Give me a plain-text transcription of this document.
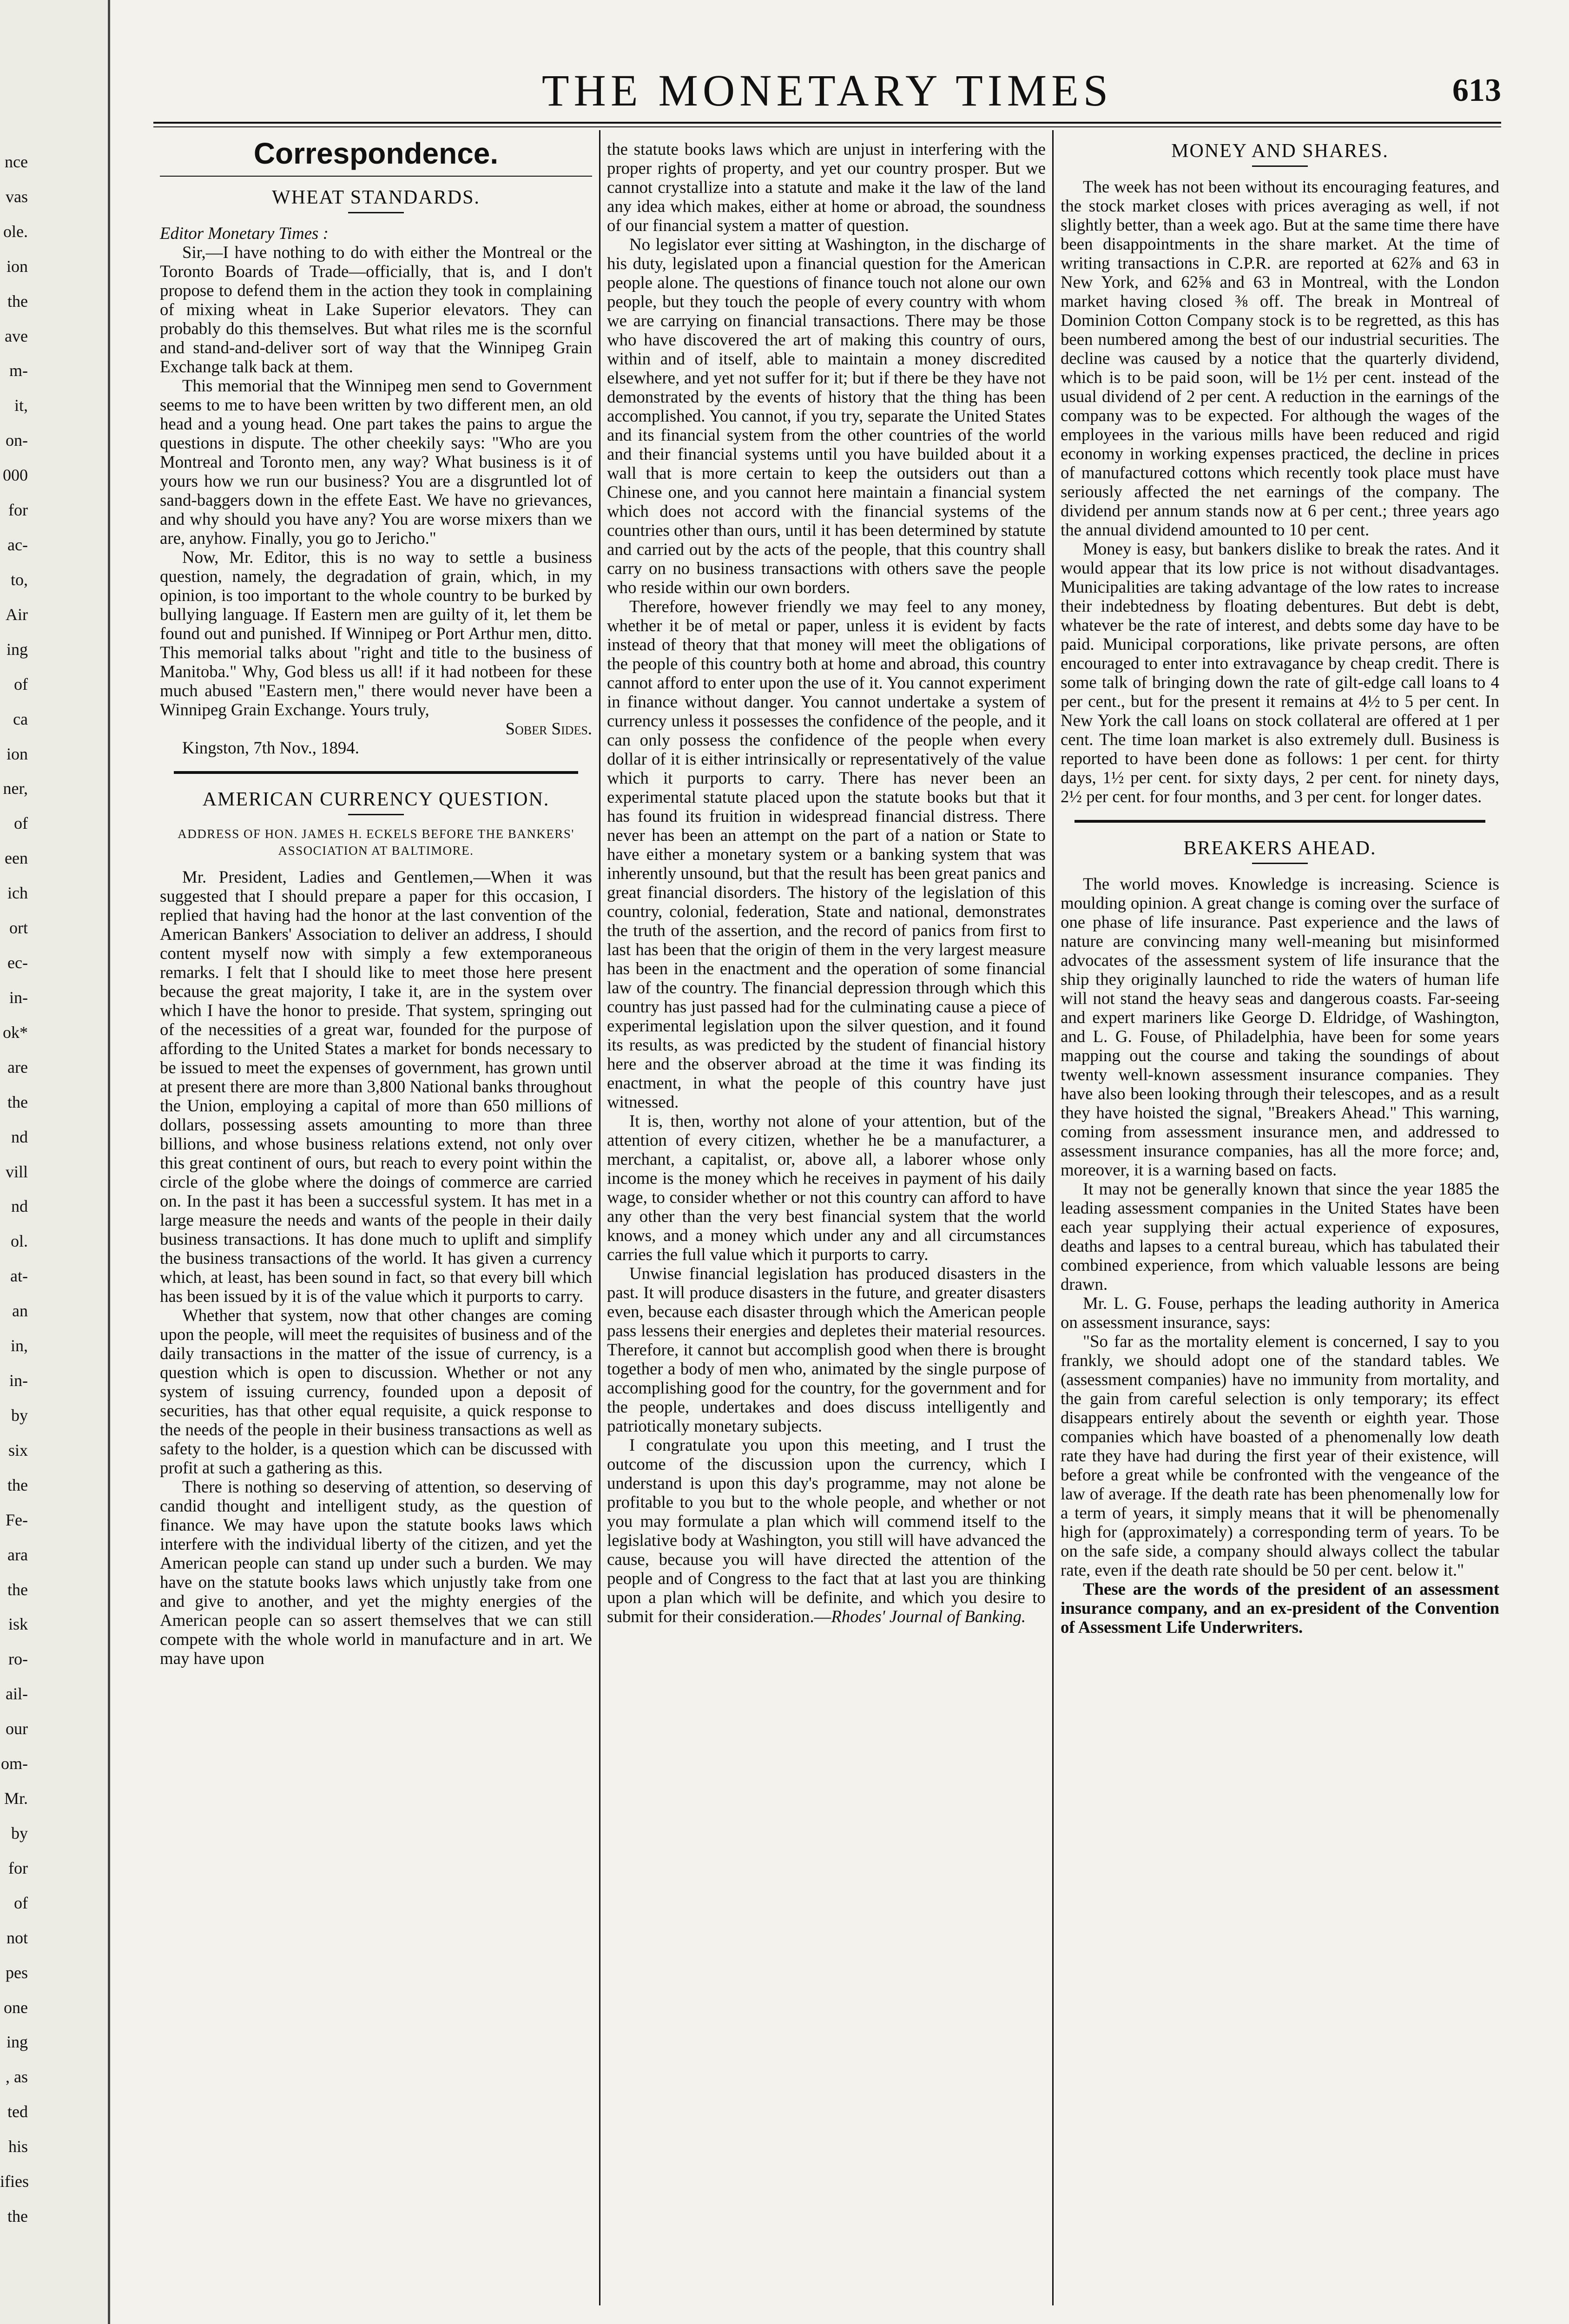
nce
vas
ole.
ion
the
ave
m-
it,
on-
000
for
ac-
to,
Air
ing
of
ca
ion
ner,
of
een
ich
ort
ec-
in-
ok*
are
the
nd
vill
nd
ol.
at-
an
in,
in-
by
six
the
Fe-
ara
the
isk
ro-
ail-
our
om-
Mr.
by
for
of
not
pes
one
ing
, as
ted
his
ifies
the
THE MONETARY TIMES	613
Correspondence.
WHEAT STANDARDS.

Editor Monetary Times :

Sir,—I have nothing to do with either the Montreal or the Toronto Boards of Trade—officially, that is, and I don't propose to defend them in the action they took in complaining of mixing wheat in Lake Superior elevators. They can probably do this themselves. But what riles me is the scornful and stand-and-deliver sort of way that the Winnipeg Grain Exchange talk back at them.

This memorial that the Winnipeg men send to Government seems to me to have been written by two different men, an old head and a young head. One part takes the pains to argue the questions in dispute. The other cheekily says: "Who are you Montreal and Toronto men, any way? What business is it of yours how we run our business? You are a disgruntled lot of sand-baggers down in the effete East. We have no grievances, and why should you have any? You are worse mixers than we are, anyhow. Finally, you go to Jericho."

Now, Mr. Editor, this is no way to settle a business question, namely, the degradation of grain, which, in my opinion, is too important to the whole country to be burked by bullying language. If Eastern men are guilty of it, let them be found out and punished. If Winnipeg or Port Arthur men, ditto. This memorial talks about "right and title to the business of Manitoba." Why, God bless us all! if it had notbeen for these much abused "Eastern men," there would never have been a Winnipeg Grain Exchange. Yours truly,

Sober Sides.

Kingston, 7th Nov., 1894.

AMERICAN CURRENCY QUESTION.
ADDRESS OF HON. JAMES H. ECKELS BEFORE THE BANKERS' ASSOCIATION AT BALTIMORE.

Mr. President, Ladies and Gentlemen,—When it was suggested that I should prepare a paper for this occasion, I replied that having had the honor at the last convention of the American Bankers' Association to deliver an address, I should content myself now with simply a few extemporaneous remarks. I felt that I should like to meet those here present because the great majority, I take it, are in the system over which I have the honor to preside. That system, springing out of the necessities of a great war, founded for the purpose of affording to the United States a market for bonds necessary to be issued to meet the expenses of government, has grown until at present there are more than 3,800 National banks throughout the Union, employing a capital of more than 650 millions of dollars, possessing assets amounting to more than three billions, and whose business relations extend, not only over this great continent of ours, but reach to every point within the circle of the globe where the doings of commerce are carried on. In the past it has been a successful system. It has met in a large measure the needs and wants of the people in their daily business transactions. It has done much to uplift and simplify the business transactions of the world. It has given a currency which, at least, has been sound in fact, so that every bill which has been issued by it is of the value which it purports to carry.

Whether that system, now that other changes are coming upon the people, will meet the requisites of business and of the daily transactions in the matter of the issue of currency, is a question which is open to discussion. Whether or not any system of issuing currency, founded upon a deposit of securities, has that other equal requisite, a quick response to the needs of the people in their business transactions as well as safety to the holder, is a question which can be discussed with profit at such a gathering as this.

There is nothing so deserving of attention, so deserving of candid thought and intelligent study, as the question of finance. We may have upon the statute books laws which interfere with the individual liberty of the citizen, and yet the American people can stand up under such a burden. We may have on the statute books laws which unjustly take from one and give to another, and yet the mighty energies of the American people can so assert themselves that we can still compete with the whole world in manufacture and in art. We may have upon

the statute books laws which are unjust in interfering with the proper rights of property, and yet our country prosper. But we cannot crystallize into a statute and make it the law of the land any idea which makes, either at home or abroad, the soundness of our financial system a matter of question.

No legislator ever sitting at Washington, in the discharge of his duty, legislated upon a financial question for the American people alone. The questions of finance touch not alone our own people, but they touch the people of every country with whom we are carrying on financial transactions. There may be those who have discovered the art of making this country of ours, within and of itself, able to maintain a money discredited elsewhere, and yet not suffer for it; but if there be they have not demonstrated by the events of history that the thing has been accomplished. You cannot, if you try, separate the United States and its financial system from the other countries of the world and their financial systems until you have builded about it a wall that is more certain to keep the outsiders out than a Chinese one, and you cannot here maintain a financial system which does not accord with the financial systems of the countries other than ours, until it has been determined by statute and carried out by the acts of the people, that this country shall carry on no business transactions with others save the people who reside within our own borders.

Therefore, however friendly we may feel to any money, whether it be of metal or paper, unless it is evident by facts instead of theory that that money will meet the obligations of the people of this country both at home and abroad, this country cannot afford to enter upon the use of it. You cannot experiment in finance without danger. You cannot undertake a system of currency unless it possesses the confidence of the people, and it can only possess the confidence of the people when every dollar of it is either intrinsically or representatively of the value which it purports to carry. There has never been an experimental statute placed upon the statute books but that it has found its fruition in widespread financial distress. There never has been an attempt on the part of a nation or State to have either a monetary system or a banking system that was inherently unsound, but that the result has been great panics and great financial disorders. The history of the legislation of this country, colonial, federation, State and national, demonstrates the truth of the assertion, and the record of panics from first to last has been that the origin of them in the very largest measure has been in the enactment and the operation of some financial law of the country. The financial depression through which this country has just passed had for the culminating cause a piece of experimental legislation upon the silver question, and it found its results, as was predicted by the student of financial history here and the observer abroad at the time it was finding its enactment, in what the people of this country have just witnessed.

It is, then, worthy not alone of your attention, but of the attention of every citizen, whether he be a manufacturer, a merchant, a capitalist, or, above all, a laborer whose only income is the money which he receives in payment of his daily wage, to consider whether or not this country can afford to have any other than the very best financial system that the world knows, and a money which under any and all circumstances carries the full value which it purports to carry.

Unwise financial legislation has produced disasters in the past. It will produce disasters in the future, and greater disasters even, because each disaster through which the American people pass lessens their energies and depletes their material resources. Therefore, it cannot but accomplish good when there is brought together a body of men who, animated by the single purpose of accomplishing good for the country, for the government and for the people, undertakes and does discuss intelligently and patriotically monetary subjects.

I congratulate you upon this meeting, and I trust the outcome of the discussion upon the currency, which I understand is upon this day's programme, may not alone be profitable to you but to the whole people, and whether or not you may formulate a plan which will commend itself to the legislative body at Washington, you still will have advanced the cause, because you will have directed the attention of the people and of Congress to the fact that at last you are thinking upon a plan which will be definite, and which you desire to submit for their consideration.—Rhodes' Journal of Banking.

MONEY AND SHARES.

The week has not been without its encouraging features, and the stock market closes with prices averaging as well, if not slightly better, than a week ago. But at the same time there have been disappointments in the share market. At the time of writing transactions in C.P.R. are reported at 62⅞ and 63 in New York, and 62⅝ and 63 in Montreal, with the London market having closed ⅜ off. The break in Montreal of Dominion Cotton Company stock is to be regretted, as this has been numbered among the best of our industrial securities. The decline was caused by a notice that the quarterly dividend, which is to be paid soon, will be 1½ per cent. instead of the usual dividend of 2 per cent. A reduction in the earnings of the company was to be expected. For although the wages of the employees in the various mills have been reduced and rigid economy in working expenses practiced, the decline in prices of manufactured cottons which recently took place must have seriously affected the net earnings of the company. The dividend per annum stands now at 6 per cent.; three years ago the annual dividend amounted to 10 per cent.

Money is easy, but bankers dislike to break the rates. And it would appear that its low price is not without disadvantages. Municipalities are taking advantage of the low rates to increase their indebtedness by floating debentures. But debt is debt, whatever be the rate of interest, and debts some day have to be paid. Municipal corporations, like private persons, are often encouraged to enter into extravagance by cheap credit. There is some talk of bringing down the rate of gilt-edge call loans to 4 per cent., but for the present it remains at 4½ to 5 per cent. In New York the call loans on stock collateral are offered at 1 per cent. The time loan market is also extremely dull. Business is reported to have been done as follows: 1 per cent. for thirty days, 1½ per cent. for sixty days, 2 per cent. for ninety days, 2½ per cent. for four months, and 3 per cent. for longer dates.

BREAKERS AHEAD.

The world moves. Knowledge is increasing. Science is moulding opinion. A great change is coming over the surface of one phase of life insurance. Past experience and the laws of nature are convincing many well-meaning but misinformed advocates of the assessment system of life insurance that the ship they originally launched to ride the waters of human life will not stand the heavy seas and dangerous coasts. Far-seeing and expert mariners like George D. Eldridge, of Washington, and L. G. Fouse, of Philadelphia, have been for some years mapping out the course and taking the soundings of about twenty well-known assessment insurance companies. They have also been looking through their telescopes, and as a result they have hoisted the signal, "Breakers Ahead." This warning, coming from assessment insurance men, and addressed to assessment insurance companies, has all the more force; and, moreover, it is a warning based on facts.

It may not be generally known that since the year 1885 the leading assessment companies in the United States have been each year supplying their actual experience of exposures, deaths and lapses to a central bureau, which has tabulated their combined experience, from which valuable lessons are being drawn.

Mr. L. G. Fouse, perhaps the leading authority in America on assessment insurance, says:

"So far as the mortality element is concerned, I say to you frankly, we should adopt one of the standard tables. We (assessment companies) have no immunity from mortality, and the gain from careful selection is only temporary; its effect disappears entirely about the seventh or eighth year. Those companies which have boasted of a phenomenally low death rate they have had during the first year of their existence, will before a great while be confronted with the vengeance of the law of average. If the death rate has been phenomenally low for a term of years, it simply means that it will be phenomenally high for (approximately) a corresponding term of years. To be on the safe side, a company should always collect the tabular rate, even if the death rate should be 50 per cent. below it."

These are the words of the president of an assessment insurance company, and an ex-president of the Convention of Assessment Life Underwriters.
